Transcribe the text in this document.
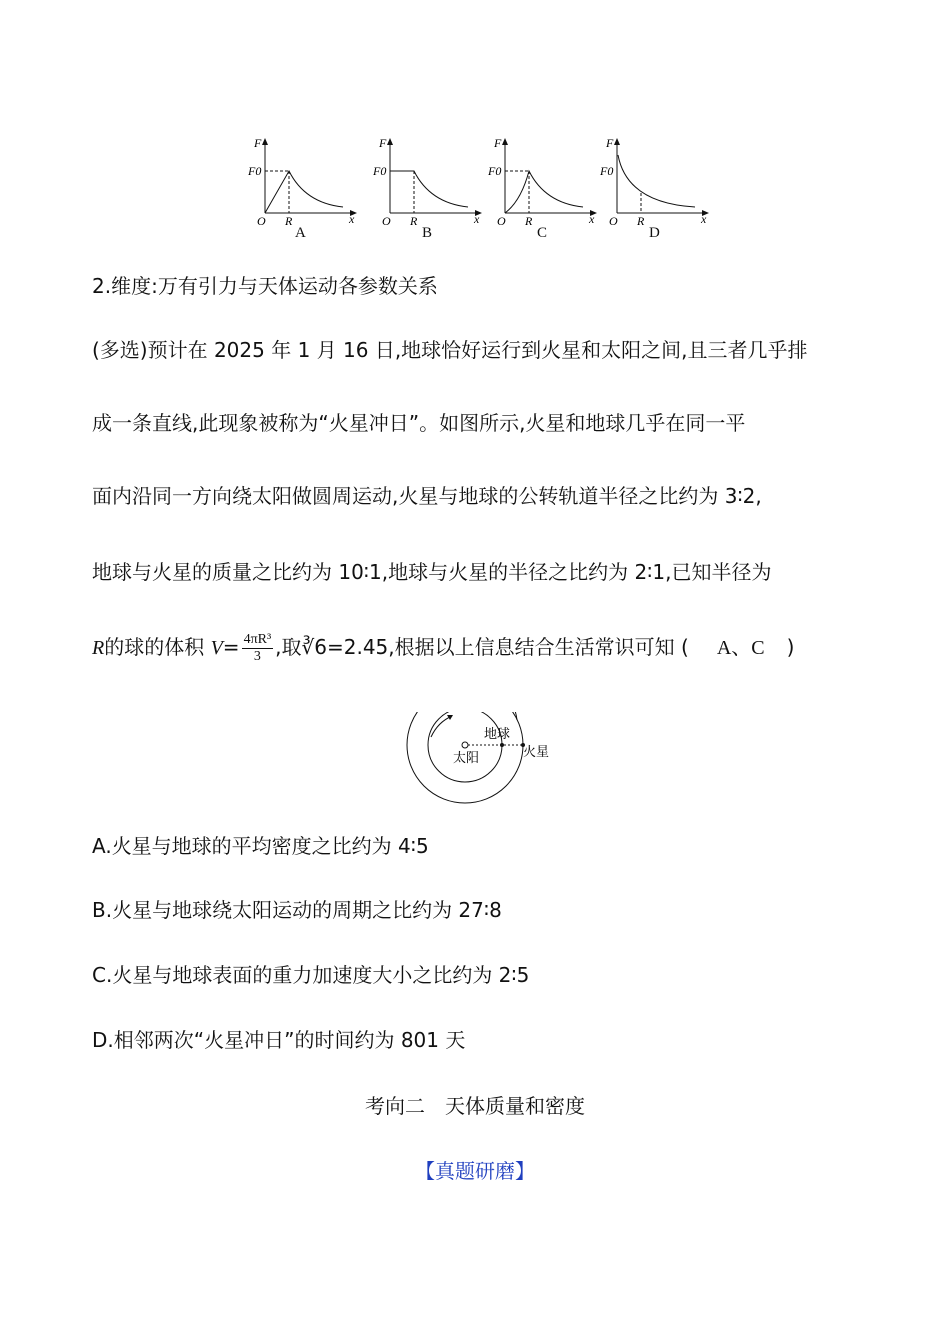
F
F0
O R	x
A
F
F0
O R	x
B
F
F0
O R	x
C
F
F0
O R	x
D
2.维度:万有引力与天体运动各参数关系
(多选)预计在 2025 年 1 月 16 日,地球恰好运行到火星和太阳之间,且三者几乎排
成一条直线,此现象被称为“火星冲日”。如图所示,火星和地球几乎在同一平
面内沿同一方向绕太阳做圆周运动,火星与地球的公转轨道半径之比约为 3∶2,
地球与火星的质量之比约为 10∶1,地球与火星的半径之比约为 2∶1,已知半径为
R的球的体积 $V= \frac{\text{4πR³}}{3}$ ,取∛6=2.45,根据以上信息结合生活常识可知 ( A、C )
太阳
地球
火星
A.火星与地球的平均密度之比约为 4∶5
B.火星与地球绕太阳运动的周期之比约为 27∶8
C.火星与地球表面的重力加速度大小之比约为 2∶5
D.相邻两次“火星冲日”的时间约为 801 天
考向二　天体质量和密度
【真题研磨】
